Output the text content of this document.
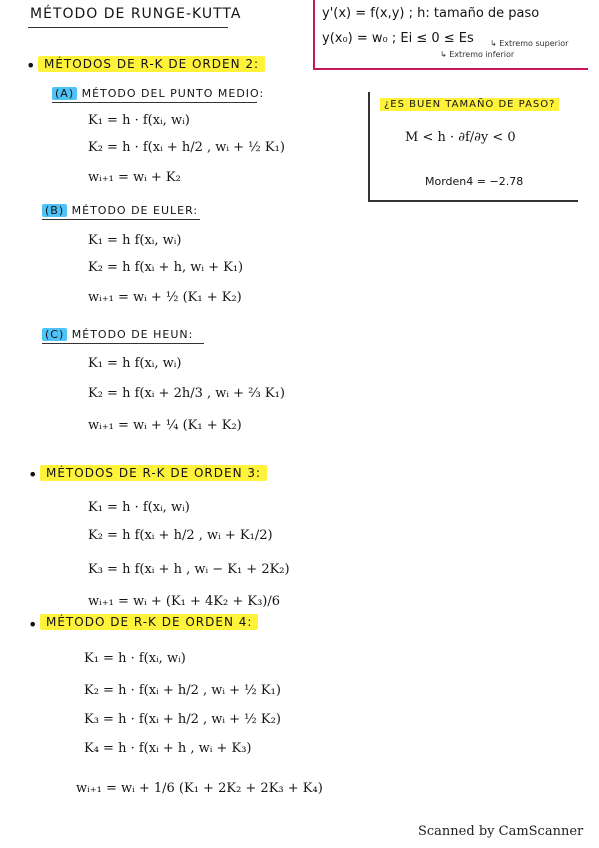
MÉTODO DE RUNGE-KUTTA	y'(x) = f(x,y) ; h: tamaño de paso
y(x₀) = w₀ ; Ei ≤ 0 ≤ Es ↳ Extremo superior
↳ Extremo inferior
• MÉTODOS DE R-K DE ORDEN 2:
(A) MÉTODO DEL PUNTO MEDIO:
K₁ = h · f(xᵢ, wᵢ)
K₂ = h · f(xᵢ + h/2 , wᵢ + ½ K₁)
wᵢ₊₁ = wᵢ + K₂
(B) MÉTODO DE EULER:
K₁ = h f(xᵢ, wᵢ)
K₂ = h f(xᵢ + h, wᵢ + K₁)
wᵢ₊₁ = wᵢ + ½ (K₁ + K₂)
(C) MÉTODO DE HEUN:
K₁ = h f(xᵢ, wᵢ)
K₂ = h f(xᵢ + 2h/3 , wᵢ + ⅔ K₁)
wᵢ₊₁ = wᵢ + ¼ (K₁ + K₂)
¿ES BUEN TAMAÑO DE PASO?
M < h · ∂f/∂y < 0
Morden4 = −2.78
• MÉTODOS DE R-K DE ORDEN 3:
K₁ = h · f(xᵢ, wᵢ)
K₂ = h f(xᵢ + h/2 , wᵢ + K₁/2)
K₃ = h f(xᵢ + h , wᵢ − K₁ + 2K₂)
wᵢ₊₁ = wᵢ + (K₁ + 4K₂ + K₃)/6
• MÉTODO DE R-K DE ORDEN 4:
K₁ = h · f(xᵢ, wᵢ)
K₂ = h · f(xᵢ + h/2 , wᵢ + ½ K₁)
K₃ = h · f(xᵢ + h/2 , wᵢ + ½ K₂)
K₄ = h · f(xᵢ + h , wᵢ + K₃)
wᵢ₊₁ = wᵢ + 1/6 (K₁ + 2K₂ + 2K₃ + K₄)
Scanned by CamScanner
